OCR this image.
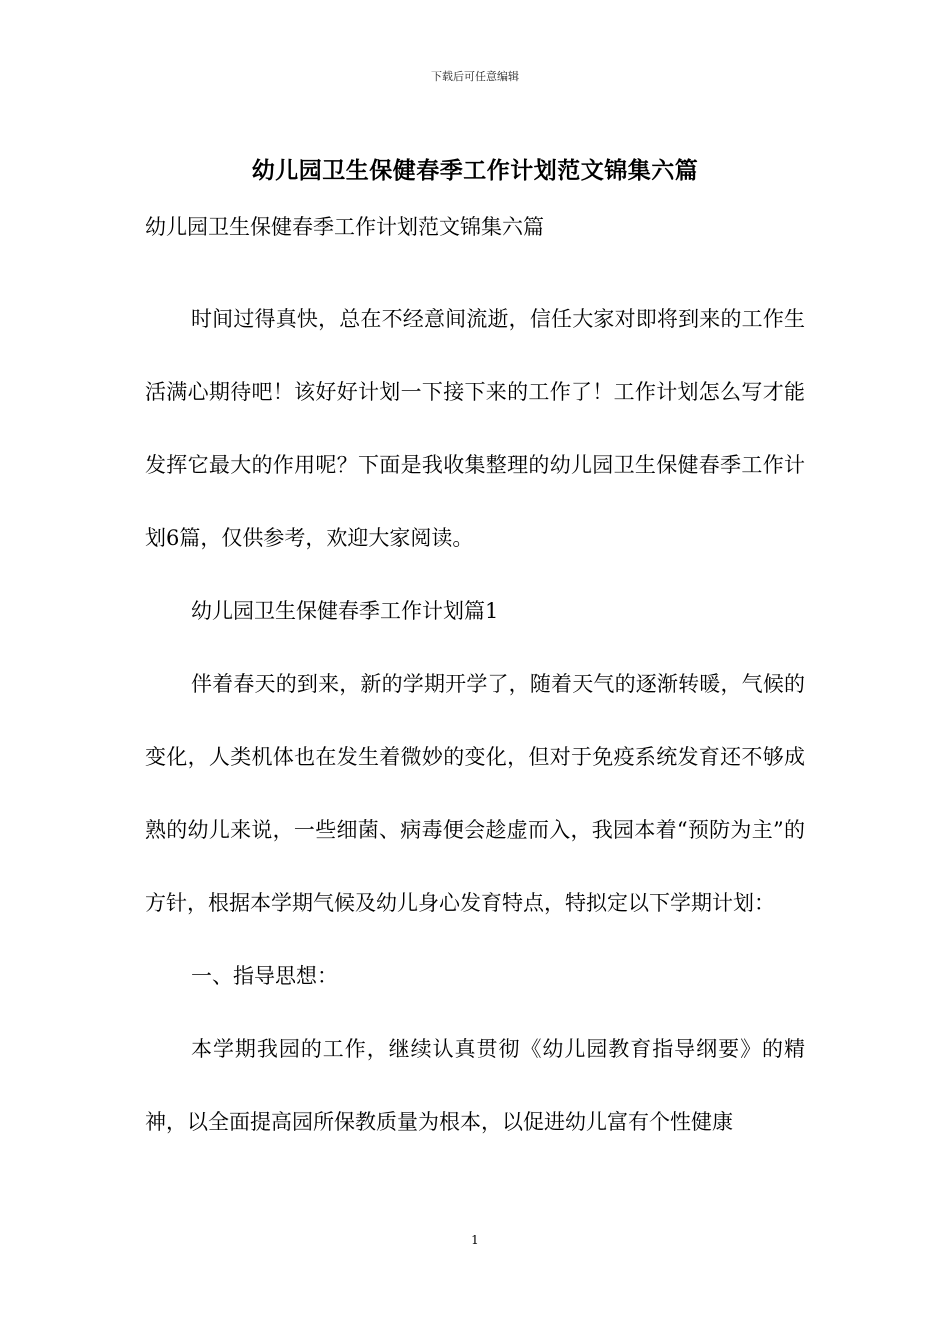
下载后可任意编辑
幼儿园卫生保健春季工作计划范文锦集六篇
幼儿园卫生保健春季工作计划范文锦集六篇

时间过得真快，总在不经意间流逝，信任大家对即将到来的工作生活满心期待吧！该好好计划一下接下来的工作了！工作计划怎么写才能发挥它最大的作用呢？下面是我收集整理的幼儿园卫生保健春季工作计划6篇，仅供参考，欢迎大家阅读。

幼儿园卫生保健春季工作计划篇1

伴着春天的到来，新的学期开学了，随着天气的逐渐转暖，气候的变化，人类机体也在发生着微妙的变化，但对于免疫系统发育还不够成熟的幼儿来说，一些细菌、病毒便会趁虚而入，我园本着“预防为主”的方针，根据本学期气候及幼儿身心发育特点，特拟定以下学期计划：

一、指导思想：

本学期我园的工作，继续认真贯彻《幼儿园教育指导纲要》的精神，以全面提高园所保教质量为根本，以促进幼儿富有个性健康

1
